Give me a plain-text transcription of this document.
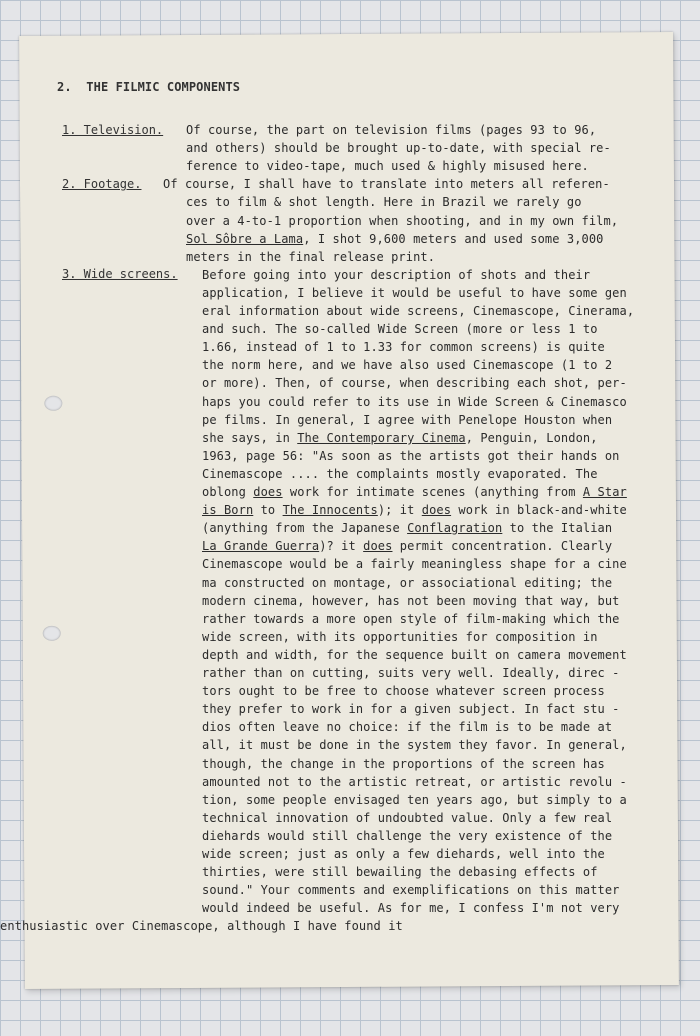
2.  THE FILMIC COMPONENTS
1. Television.
2. Footage.
3. Wide screens.
Of course, the part on television films (pages 93 to 96,
and others) should be brought up-to-date, with special re-
ference to video-tape, much used & highly misused here.
Of course, I shall have to translate into meters all referen-
ces to film & shot length. Here in Brazil we rarely go
over a 4-to-1 proportion when shooting, and in my own film,
Sol Sôbre a Lama, I shot 9,600 meters and used some 3,000
meters in the final release print.
Before going into your description of shots and their
application, I believe it would be useful to have some gen
eral information about wide screens, Cinemascope, Cinerama,
and such. The so-called Wide Screen (more or less 1 to
1.66, instead of 1 to 1.33 for common screens) is quite
the norm here, and we have also used Cinemascope (1 to 2
or more). Then, of course, when describing each shot, per-
haps you could refer to its use in Wide Screen & Cinemasco
pe films. In general, I agree with Penelope Houston when
she says, in The Contemporary Cinema, Penguin, London,
1963, page 56: "As soon as the artists got their hands on
Cinemascope .... the complaints mostly evaporated. The
oblong does work for intimate scenes (anything from A Star
is Born to The Innocents); it does work in black-and-white
(anything from the Japanese Conflagration to the Italian
La Grande Guerra)? it does permit concentration. Clearly
Cinemascope would be a fairly meaningless shape for a cine
ma constructed on montage, or associational editing; the
modern cinema, however, has not been moving that way, but
rather towards a more open style of film-making which the
wide screen, with its opportunities for composition in
depth and width, for the sequence built on camera movement
rather than on cutting, suits very well. Ideally, direc -
tors ought to be free to choose whatever screen process
they prefer to work in for a given subject. In fact stu -
dios often leave no choice: if the film is to be made at
all, it must be done in the system they favor. In general,
though, the change in the proportions of the screen has
amounted not to the artistic retreat, or artistic revolu -
tion, some people envisaged ten years ago, but simply to a
technical innovation of undoubted value. Only a few real
diehards would still challenge the very existence of the
wide screen; just as only a few diehards, well into the
thirties, were still bewailing the debasing effects of
sound." Your comments and exemplifications on this matter
would indeed be useful. As for me, I confess I'm not very
enthusiastic over Cinemascope, although I have found it
